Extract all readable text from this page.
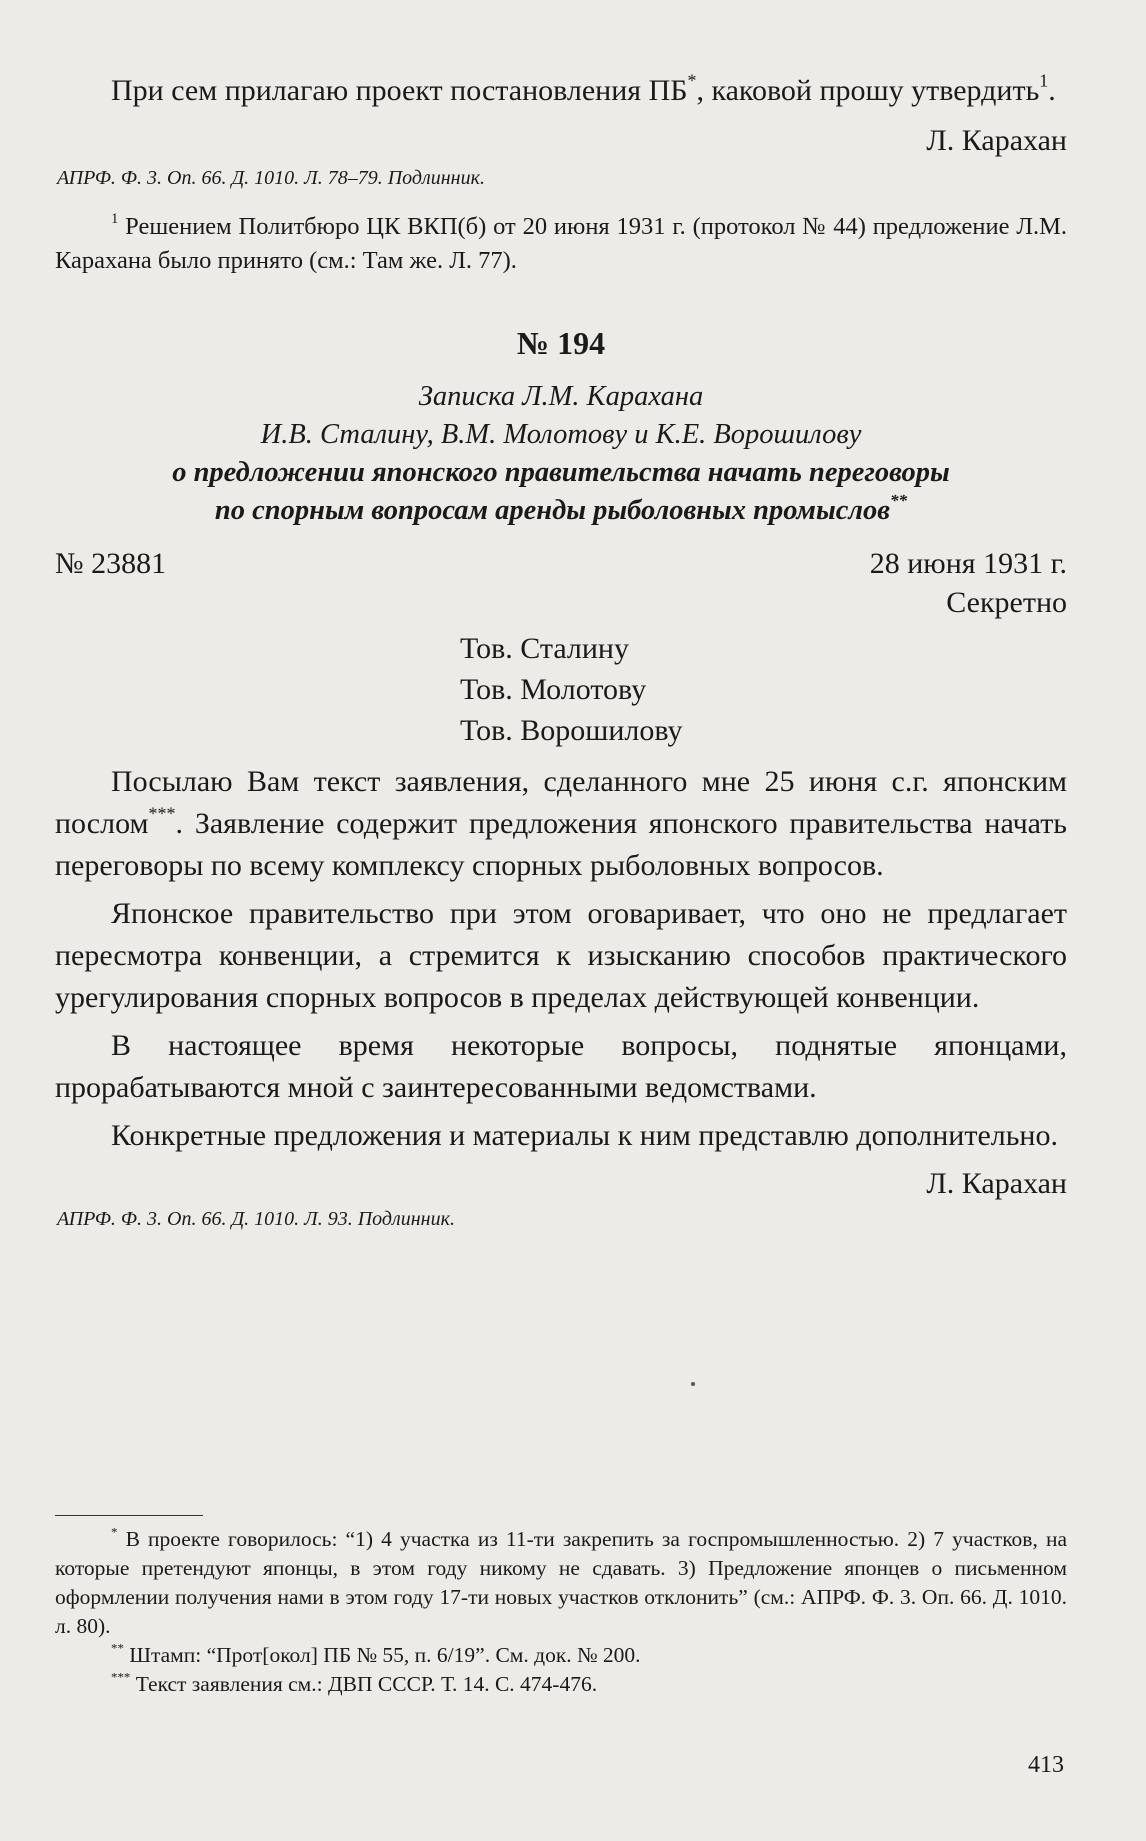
При сем прилагаю проект постановления ПБ*, каковой прошу утвердить$^1$.

Л. Карахан

АПРФ. Ф. 3. Оп. 66. Д. 1010. Л. 78–79. Подлинник.

$^1$ Решением Политбюро ЦК ВКП(б) от 20 июня 1931 г. (протокол № 44) предложение Л.М. Карахана было принято (см.: Там же. Л. 77).

№ 194

Записка Л.М. Карахана

И.В. Сталину, В.М. Молотову и К.Е. Ворошилову

о предложении японского правительства начать переговоры

по спорным вопросам аренды рыболовных промыслов**

№ 23881	28 июня 1931 г.

Секретно

Тов. Сталину

Тов. Молотову

Тов. Ворошилову

Посылаю Вам текст заявления, сделанного мне 25 июня с.г. японским послом***. Заявление содержит предложения японского правительства начать переговоры по всему комплексу спорных рыболовных вопросов.

Японское правительство при этом оговаривает, что оно не предлагает пересмотра конвенции, а стремится к изысканию способов практического урегулирования спорных вопросов в пределах действующей конвенции.

В настоящее время некоторые вопросы, поднятые японцами, прорабатываются мной с заинтересованными ведомствами.

Конкретные предложения и материалы к ним представлю дополнительно.

Л. Карахан

АПРФ. Ф. 3. Оп. 66. Д. 1010. Л. 93. Подлинник.

* В проекте говорилось: “1) 4 участка из 11-ти закрепить за госпромышленностью. 2) 7 участков, на которые претендуют японцы, в этом году никому не сдавать. 3) Предложение японцев о письменном оформлении получения нами в этом году 17-ти новых участков отклонить” (см.: АПРФ. Ф. 3. Оп. 66. Д. 1010. л. 80).

** Штамп: “Прот[окол] ПБ № 55, п. 6/19”. См. док. № 200.

*** Текст заявления см.: ДВП СССР. Т. 14. С. 474-476.

413
